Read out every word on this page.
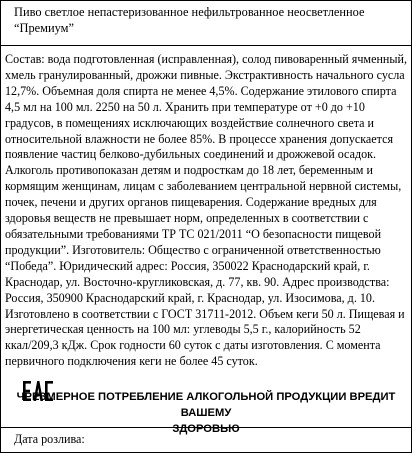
Пиво светлое непастеризованное нефильтрованное неосветленное
“Премиум”

Состав: вода подготовленная (исправленная), солод пивоваренный ячменный, хмель гранулированный, дрожжи пивные. Экстрактивность начального сусла 12,7%. Объемная доля спирта не менее 4,5%. Содержание этилового спирта 4,5 мл на 100 мл. 2250 на 50 л. Хранить при температуре от +0 до +10 градусов, в помещениях исключающих воздействие солнечного света и относительной влажности не более 85%. В процессе хранения допускается появление частиц белково-дубильных соединений и дрожжевой осадок. Алкоголь противопоказан детям и подросткам до 18 лет, беременным и кормящим женщинам, лицам с заболеванием центральной нервной системы, почек, печени и других органов пищеварения. Содержание вредных для здоровья веществ не превышает норм, определенных в соответствии с обязательными требованиями ТР ТС 021/2011 “О безопасности пищевой продукции”. Изготовитель: Общество с ограниченной ответственностью “Победа”. Юридический адрес: Россия, 350022 Краснодарский край, г. Краснодар, ул. Восточно-кругликовская, д. 77, кв. 90. Адрес производства: Россия, 350900 Краснодарский край, г. Краснодар, ул. Изосимова, д. 10. Изготовлено в соответствии с ГОСТ 31711-2012. Объем кеги 50 л. Пищевая и энергетическая ценность на 100 мл: углеводы 5,5 г., калорийность 52 ккал/209,3 кДж. Срок годности 60 суток с даты изготовления. С момента первичного подключения кеги не более 45 суток.

ЧРЕЗМЕРНОЕ ПОТРЕБЛЕНИЕ АЛКОГОЛЬНОЙ ПРОДУКЦИИ ВРЕДИТ ВАШЕМУ
ЗДОРОВЬЮ

Дата розлива:
